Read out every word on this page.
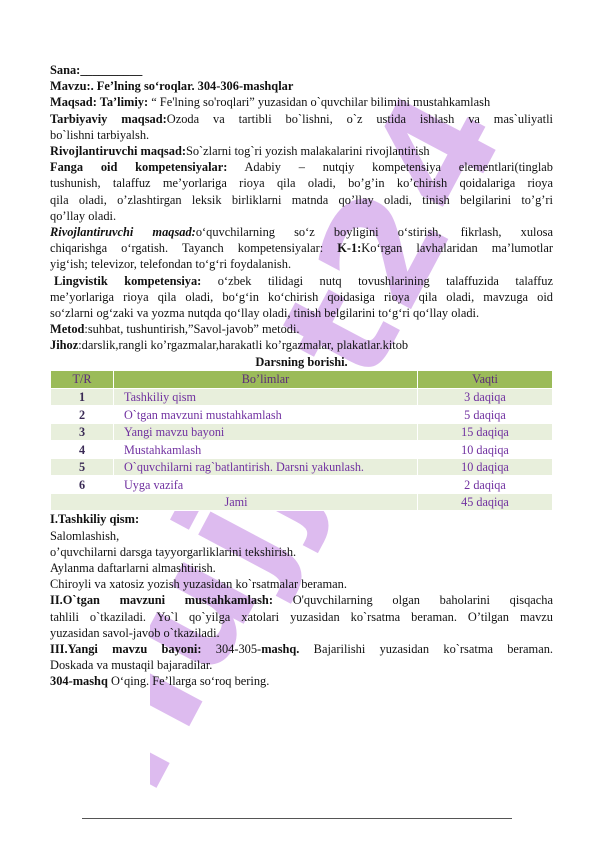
Sana:__________
Mavzu:. Fe’lning so‘roqlar. 304-306-mashqlar
Maqsad: Ta’limiy: “ Fe'lning so'roqlari” yuzasidan o`quvchilar bilimini mustahkamlash
Tarbiyaviy maqsad:Ozoda va tartibli bo`lishni, o`z ustida ishlash va mas`uliyatli
bo`lishni tarbiyalsh.
Rivojlantiruvchi maqsad:So`zlarni tog`ri yozish malakalarini rivojlantirish
Fanga oid kompetensiyalar: Adabiy – nutqiy kompetensiya elementlari(tinglab
tushunish, talaffuz me’yorlariga rioya qila oladi, bo’g’in ko’chirish qoidalariga rioya
qila oladi, o’zlashtirgan leksik birliklarni matnda qo’llay oladi, tinish belgilarini to’g’ri
qo’llay oladi.
Rivojlantiruvchi maqsad:o‘quvchilarning so‘z boyligini o‘stirish, fikrlash, xulosa
chiqarishga o‘rgatish. Tayanch kompetensiyalar: K-1:Ko‘rgan lavhalaridan ma’lumotlar
yig‘ish; televizor, telefondan to‘g‘ri foydalanish.
Lingvistik kompetensiya: o‘zbek tilidagi nutq tovushlarining talaffuzida talaffuz
me’yorlariga rioya qila oladi, bo‘g‘in ko‘chirish qoidasiga rioya qila oladi, mavzuga oid
so‘zlarni og‘zaki va yozma nutqda qo‘llay oladi, tinish belgilarini to‘g‘ri qo‘llay oladi.
Metod:suhbat, tushuntirish,”Savol-javob” metodi.
Jihoz:darslik,rangli ko’rgazmalar,harakatli ko’rgazmalar, plakatlar.kitob
Darsning borishi.
T/R	Bo’limlar	Vaqti
1	Tashkiliy qism	3 daqiqa
2	O`tgan mavzuni mustahkamlash	5 daqiqa
3	Yangi mavzu bayoni	15 daqiqa
4	Mustahkamlash	10 daqiqa
5	O`quvchilarni rag`batlantirish. Darsni yakunlash.	10 daqiqa
6	Uyga vazifa	2 daqiqa
Jami		45 daqiqa
I.Tashkiliy qism:
Salomlashish,
o’quvchilarni darsga tayyorgarliklarini tekshirish.
Aylanma daftarlarni almashtirish.
Chiroyli va xatosiz yozish yuzasidan ko`rsatmalar beraman.
II.O`tgan mavzuni mustahkamlash: O'quvchilarning olgan baholarini qisqacha
tahlili o`tkaziladi. Yo`l qo`yilga xatolari yuzasidan ko`rsatma beraman. O’tilgan mavzu
yuzasidan savol-javob o`tkaziladi.
III.Yangi mavzu bayoni: 304-305-mashq. Bajarilishi yuzasidan ko`rsatma beraman.
Doskada va mustaqil bajaradilar.
304-mashq O‘qing. Fe’llarga so‘roq bering.
